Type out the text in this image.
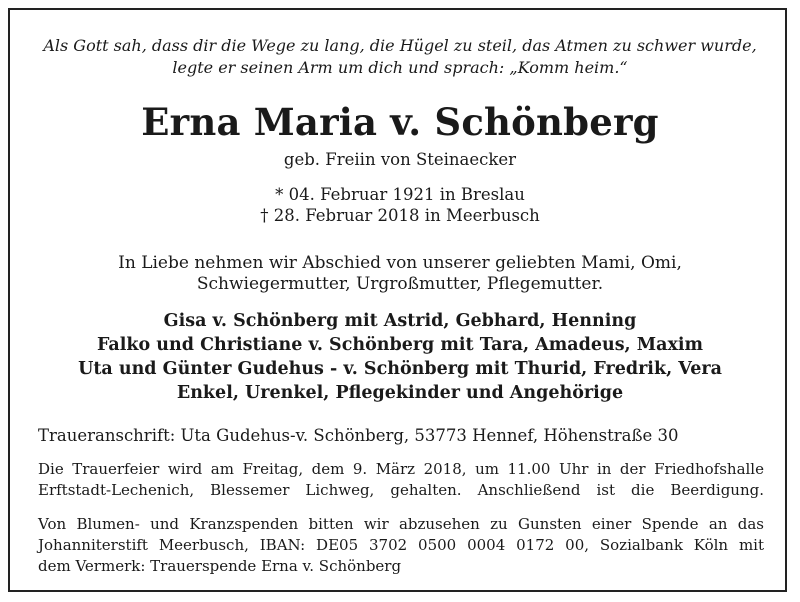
Als Gott sah, dass dir die Wege zu lang, die Hügel zu steil, das Atmen zu schwer wurde,
legte er seinen Arm um dich und sprach: „Komm heim.“
Erna Maria v. Schönberg
geb. Freiin von Steinaecker
* 04. Februar 1921 in Breslau
† 28. Februar 2018 in Meerbusch
In Liebe nehmen wir Abschied von unserer geliebten Mami, Omi,
Schwiegermutter, Urgroßmutter, Pflegemutter.
Gisa v. Schönberg mit Astrid, Gebhard, Henning
Falko und Christiane v. Schönberg mit Tara, Amadeus, Maxim
Uta und Günter Gudehus - v. Schönberg mit Thurid, Fredrik, Vera
Enkel, Urenkel, Pflegekinder und Angehörige
Traueranschrift: Uta Gudehus-v. Schönberg, 53773 Hennef, Höhenstraße 30
Die Trauerfeier wird am Freitag, dem 9. März 2018, um 11.00 Uhr in der Friedhofshalle
Erftstadt-Lechenich, Blessemer Lichweg, gehalten. Anschließend ist die Beerdigung.
Von Blumen- und Kranzspenden bitten wir abzusehen zu Gunsten einer Spende an das
Johanniterstift Meerbusch, IBAN: DE05 3702 0500 0004 0172 00, Sozialbank Köln mit
dem Vermerk: Trauerspende Erna v. Schönberg
